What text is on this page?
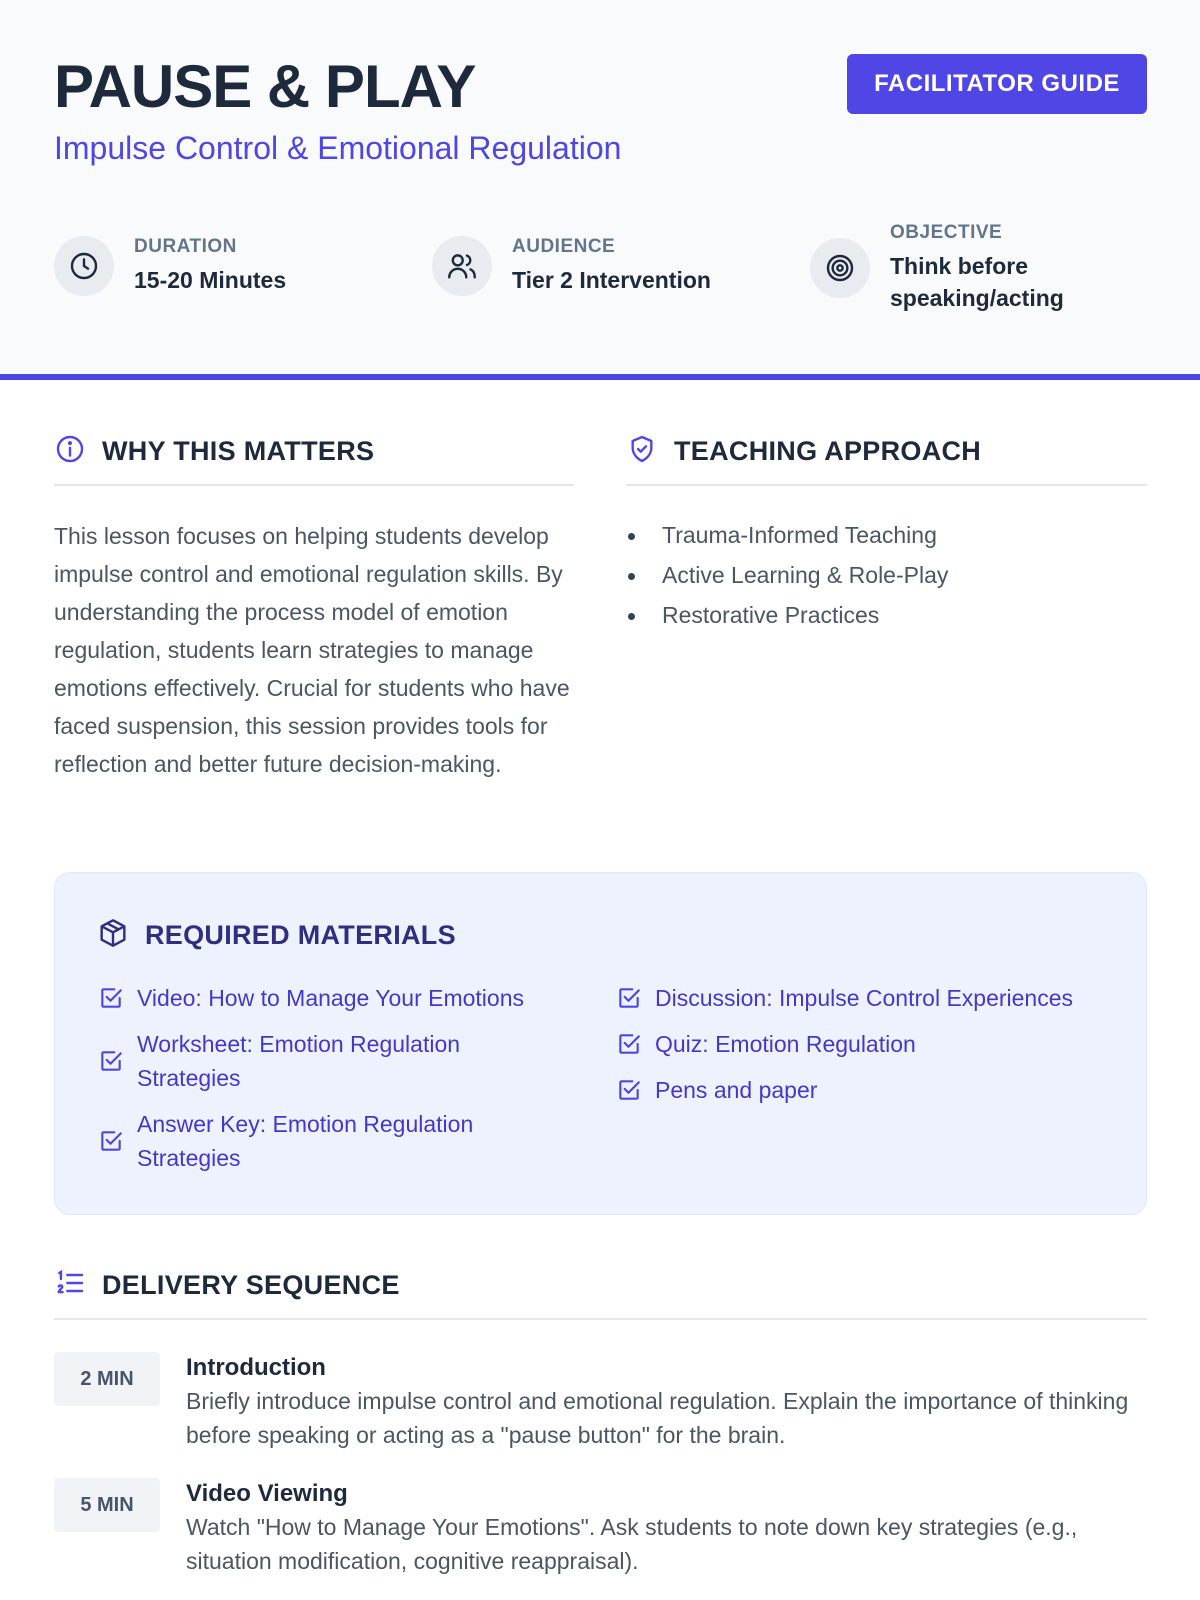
PAUSE & PLAY
Impulse Control & Emotional Regulation
FACILITATOR GUIDE
DURATION
15-20 Minutes
AUDIENCE
Tier 2 Intervention
OBJECTIVE
Think before speaking/acting
WHY THIS MATTERS
This lesson focuses on helping students develop impulse control and emotional regulation skills. By understanding the process model of emotion regulation, students learn strategies to manage emotions effectively. Crucial for students who have faced suspension, this session provides tools for reflection and better future decision-making.
TEACHING APPROACH
Trauma-Informed Teaching
Active Learning & Role-Play
Restorative Practices
REQUIRED MATERIALS
Video: How to Manage Your Emotions
Worksheet: Emotion Regulation Strategies
Answer Key: Emotion Regulation Strategies
Discussion: Impulse Control Experiences
Quiz: Emotion Regulation
Pens and paper
DELIVERY SEQUENCE
2 MIN	Introduction
Briefly introduce impulse control and emotional regulation. Explain the importance of thinking before speaking or acting as a "pause button" for the brain.
5 MIN	Video Viewing
Watch "How to Manage Your Emotions". Ask students to note down key strategies (e.g., situation modification, cognitive reappraisal).
